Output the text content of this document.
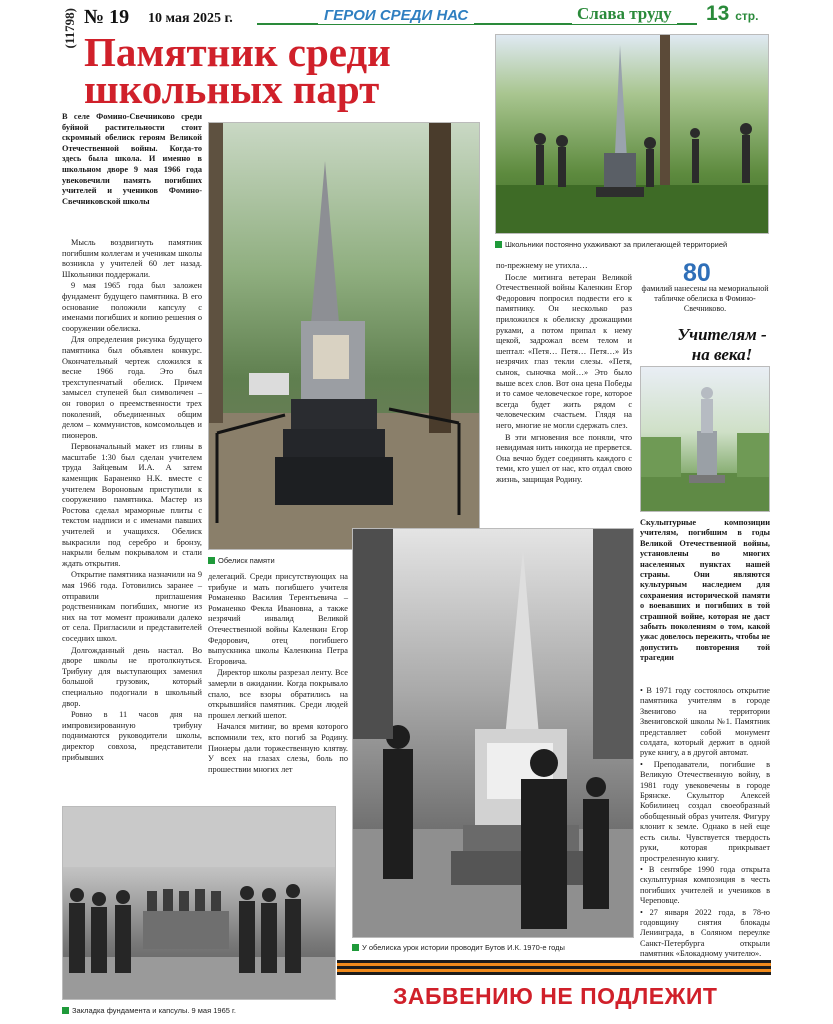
(11798) № 19 10 мая 2025 г.	ГЕРОИ СРЕДИ НАС	Слава труду 13 стр.
Памятник среди
школьных парт
В селе Фомино-Свечниково среди буйной растительности стоит скромный обелиск героям Великой Отечественной войны. Когда-то здесь была школа. И именно в школьном дворе 9 мая 1966 года увековечили память погибших учителей и учеников Фомино-Свечниковской школы
Школьники постоянно ухаживают за прилегающей территорией
Обелиск памяти

Мысль воздвигнуть памятник погибшим коллегам и ученикам школы возникла у учителей 60 лет назад. Школьники поддержали.

9 мая 1965 года был заложен фундамент будущего памятника. В его основание положили капсулу с именами погибших и копию решения о сооружении обелиска.

Для определения рисунка будущего памятника был объявлен конкурс. Окончательный чертеж сложился к весне 1966 года. Это был трехступенчатый обелиск. Причем замысел ступеней был символичен – он говорил о преемственности трех поколений, объединенных общим делом – коммунистов, комсомольцев и пионеров.

Первоначальный макет из глины в масштабе 1:30 был сделан учителем труда Зайцевым И.А. А затем каменщик Бараненко Н.К. вместе с учителем Вороновым приступили к сооружению памятника. Мастер из Ростова сделал мраморные плиты с текстом надписи и с именами павших учителей и учащихся. Обелиск выкрасили под серебро и бронзу, накрыли белым покрывалом и стали ждать открытия.

Открытие памятника назначили на 9 мая 1966 года. Готовились заранее – отправили приглашения родственникам погибших, многие из них на тот момент проживали далеко от села. Пригласили и представителей соседних школ.

Долгожданный день настал. Во дворе школы не протолкнуться. Трибуну для выступающих заменил большой грузовик, который специально подогнали в школьный двор.

Ровно в 11 часов дня на импровизированную трибуну поднимаются руководители школы, директор совхоза, представители прибывших

делегаций. Среди присутствующих на трибуне и мать погибшего учителя Романенко Василия Терентьевича – Романенко Фекла Ивановна, а также незрячий инвалид Великой Отечественной войны Каленкин Егор Федорович, отец погибшего выпускника школы Каленкина Петра Егоровича.

Директор школы разрезал ленту. Все замерли в ожидании. Когда покрывало спало, все взоры обратились на открывшийся памятник. Среди людей прошел легкий шепот.

Начался митинг, во время которого вспомнили тех, кто погиб за Родину. Пионеры дали торжественную клятву. У всех на глазах слезы, боль по прошествии многих лет

по-прежнему не утихла…

После митинга ветеран Великой Отечественной войны Каленкин Егор Федорович попросил подвести его к памятнику. Он несколько раз приложился к обелиску дрожащими руками, а потом припал к нему щекой, задрожал всем телом и шептал: «Петя… Петя… Петя…» Из незрячих глаз текли слезы. «Петя, сынок, сыночка мой…» Это было выше всех слов. Вот она цена Победы и то самое человеческое горе, которое всегда будет жить рядом с человеческим счастьем. Глядя на него, многие не могли сдержать слез.

В эти мгновения все поняли, что невидимая нить никогда не прервется. Она вечно будет соединять каждого с теми, кто ушел от нас, кто отдал свою жизнь, защищая Родину.

80
фамилий нанесены на мемориальной табличке обелиска в Фомино-Свечниково.
Учителям -
на века!
Скульптурные композиции учителям, погибшим в годы Великой Отечественной войны, установлены во многих населенных пунктах нашей страны. Они являются культурным наследием для сохранения исторической памяти о воевавших и погибших в той страшной войне, которая не даст забыть поколениям о том, какой ужас довелось пережить, чтобы не допустить повторения той трагедии

• В 1971 году состоялось открытие памятника учителям в городе Звенигово на территории Звениговской школы №1. Памятник представляет собой монумент солдата, который держит в одной руке книгу, а в другой автомат.

• Преподаватели, погибшие в Великую Отечественную войну, в 1981 году увековечены в городе Брянске. Скульптор Алексей Кобилинец создал своеобразный обобщенный образ учителя. Фигуру клонит к земле. Однако в ней еще есть силы. Чувствуется твердость руки, которая прикрывает простреленную книгу.

• В сентябре 1990 года открыта скульптурная композиция в честь погибших учителей и учеников в Череповце.

• 27 января 2022 года, в 78-ю годовщину снятия блокады Ленинграда, в Соляном переулке Санкт-Петербурга открыли памятник «Блокадному учителю».

У обелиска урок истории проводит Бутов И.К. 1970-е годы
Закладка фундамента и капсулы. 9 мая 1965 г.
ЗАБВЕНИЮ НЕ ПОДЛЕЖИТ
